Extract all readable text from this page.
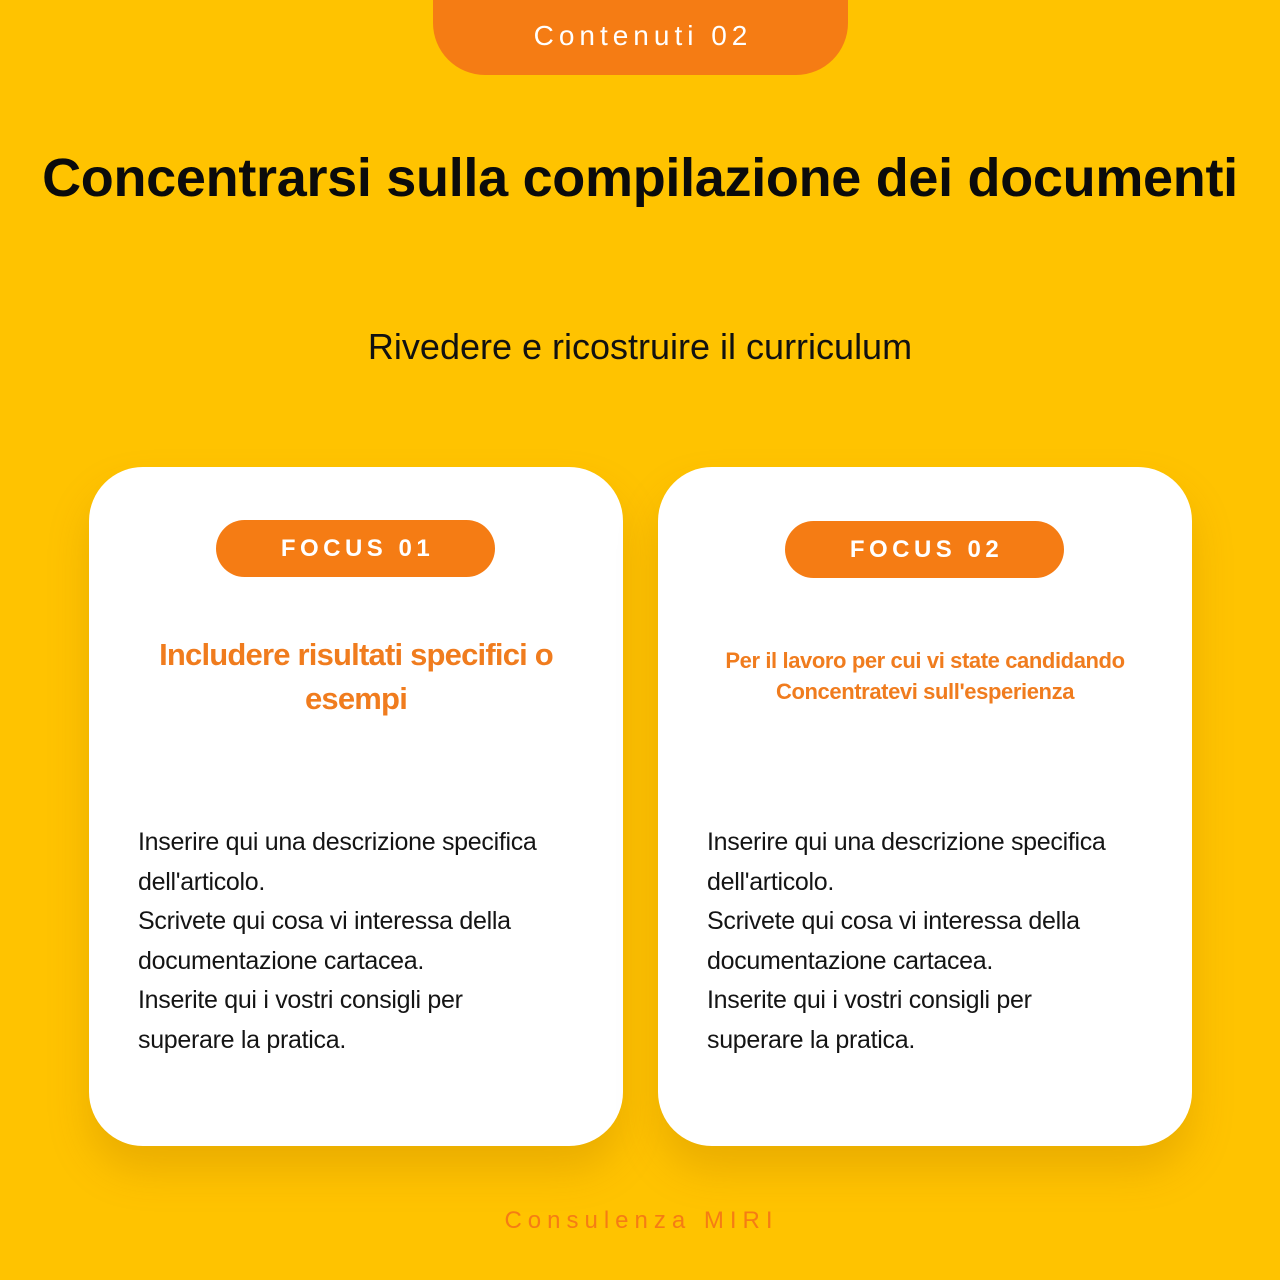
Contenuti 02
Concentrarsi sulla compilazione dei documenti

Rivedere e ricostruire il curriculum

FOCUS 01
Includere risultati specifici o
esempi
Inserire qui una descrizione specifica
dell'articolo.
Scrivete qui cosa vi interessa della
documentazione cartacea.
Inserite qui i vostri consigli per
superare la pratica.
FOCUS 02
Per il lavoro per cui vi state candidando
Concentratevi sull'esperienza
Inserire qui una descrizione specifica
dell'articolo.
Scrivete qui cosa vi interessa della
documentazione cartacea.
Inserite qui i vostri consigli per
superare la pratica.
Consulenza MIRI
